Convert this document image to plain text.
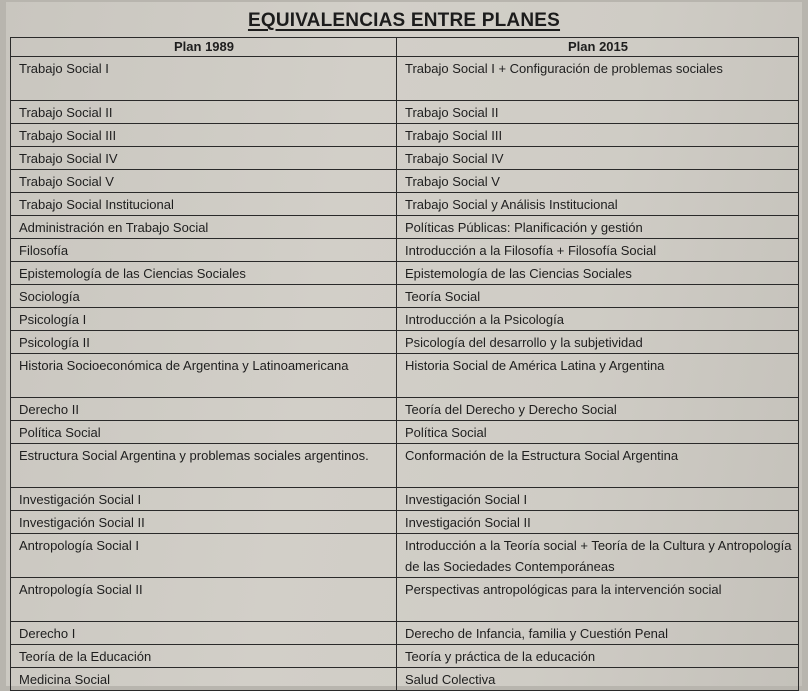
EQUIVALENCIAS ENTRE PLANES
Plan 1989	Plan 2015
Trabajo Social I	Trabajo Social I + Configuración de problemas sociales
Trabajo Social II	Trabajo Social II
Trabajo Social III	Trabajo Social III
Trabajo Social IV	Trabajo Social IV
Trabajo Social V	Trabajo Social V
Trabajo Social Institucional	Trabajo Social y Análisis Institucional
Administración en Trabajo Social	Políticas Públicas: Planificación y gestión
Filosofía	Introducción a la Filosofía + Filosofía Social
Epistemología de las Ciencias Sociales	Epistemología de las Ciencias Sociales
Sociología	Teoría Social
Psicología I	Introducción a la Psicología
Psicología II	Psicología del desarrollo y la subjetividad
Historia Socioeconómica de Argentina y Latinoamericana	Historia Social de América Latina y Argentina
Derecho II	Teoría del Derecho y Derecho Social
Política Social	Política Social
Estructura Social Argentina y problemas sociales argentinos.	Conformación de la Estructura Social Argentina
Investigación Social I	Investigación Social I
Investigación Social II	Investigación Social II
Antropología Social I	Introducción a la Teoría social + Teoría de la Cultura y Antropología de las Sociedades Contemporáneas
Antropología Social II	Perspectivas antropológicas para la intervención social
Derecho I	Derecho de Infancia, familia y Cuestión Penal
Teoría de la Educación	Teoría y práctica de la educación
Medicina Social	Salud Colectiva
